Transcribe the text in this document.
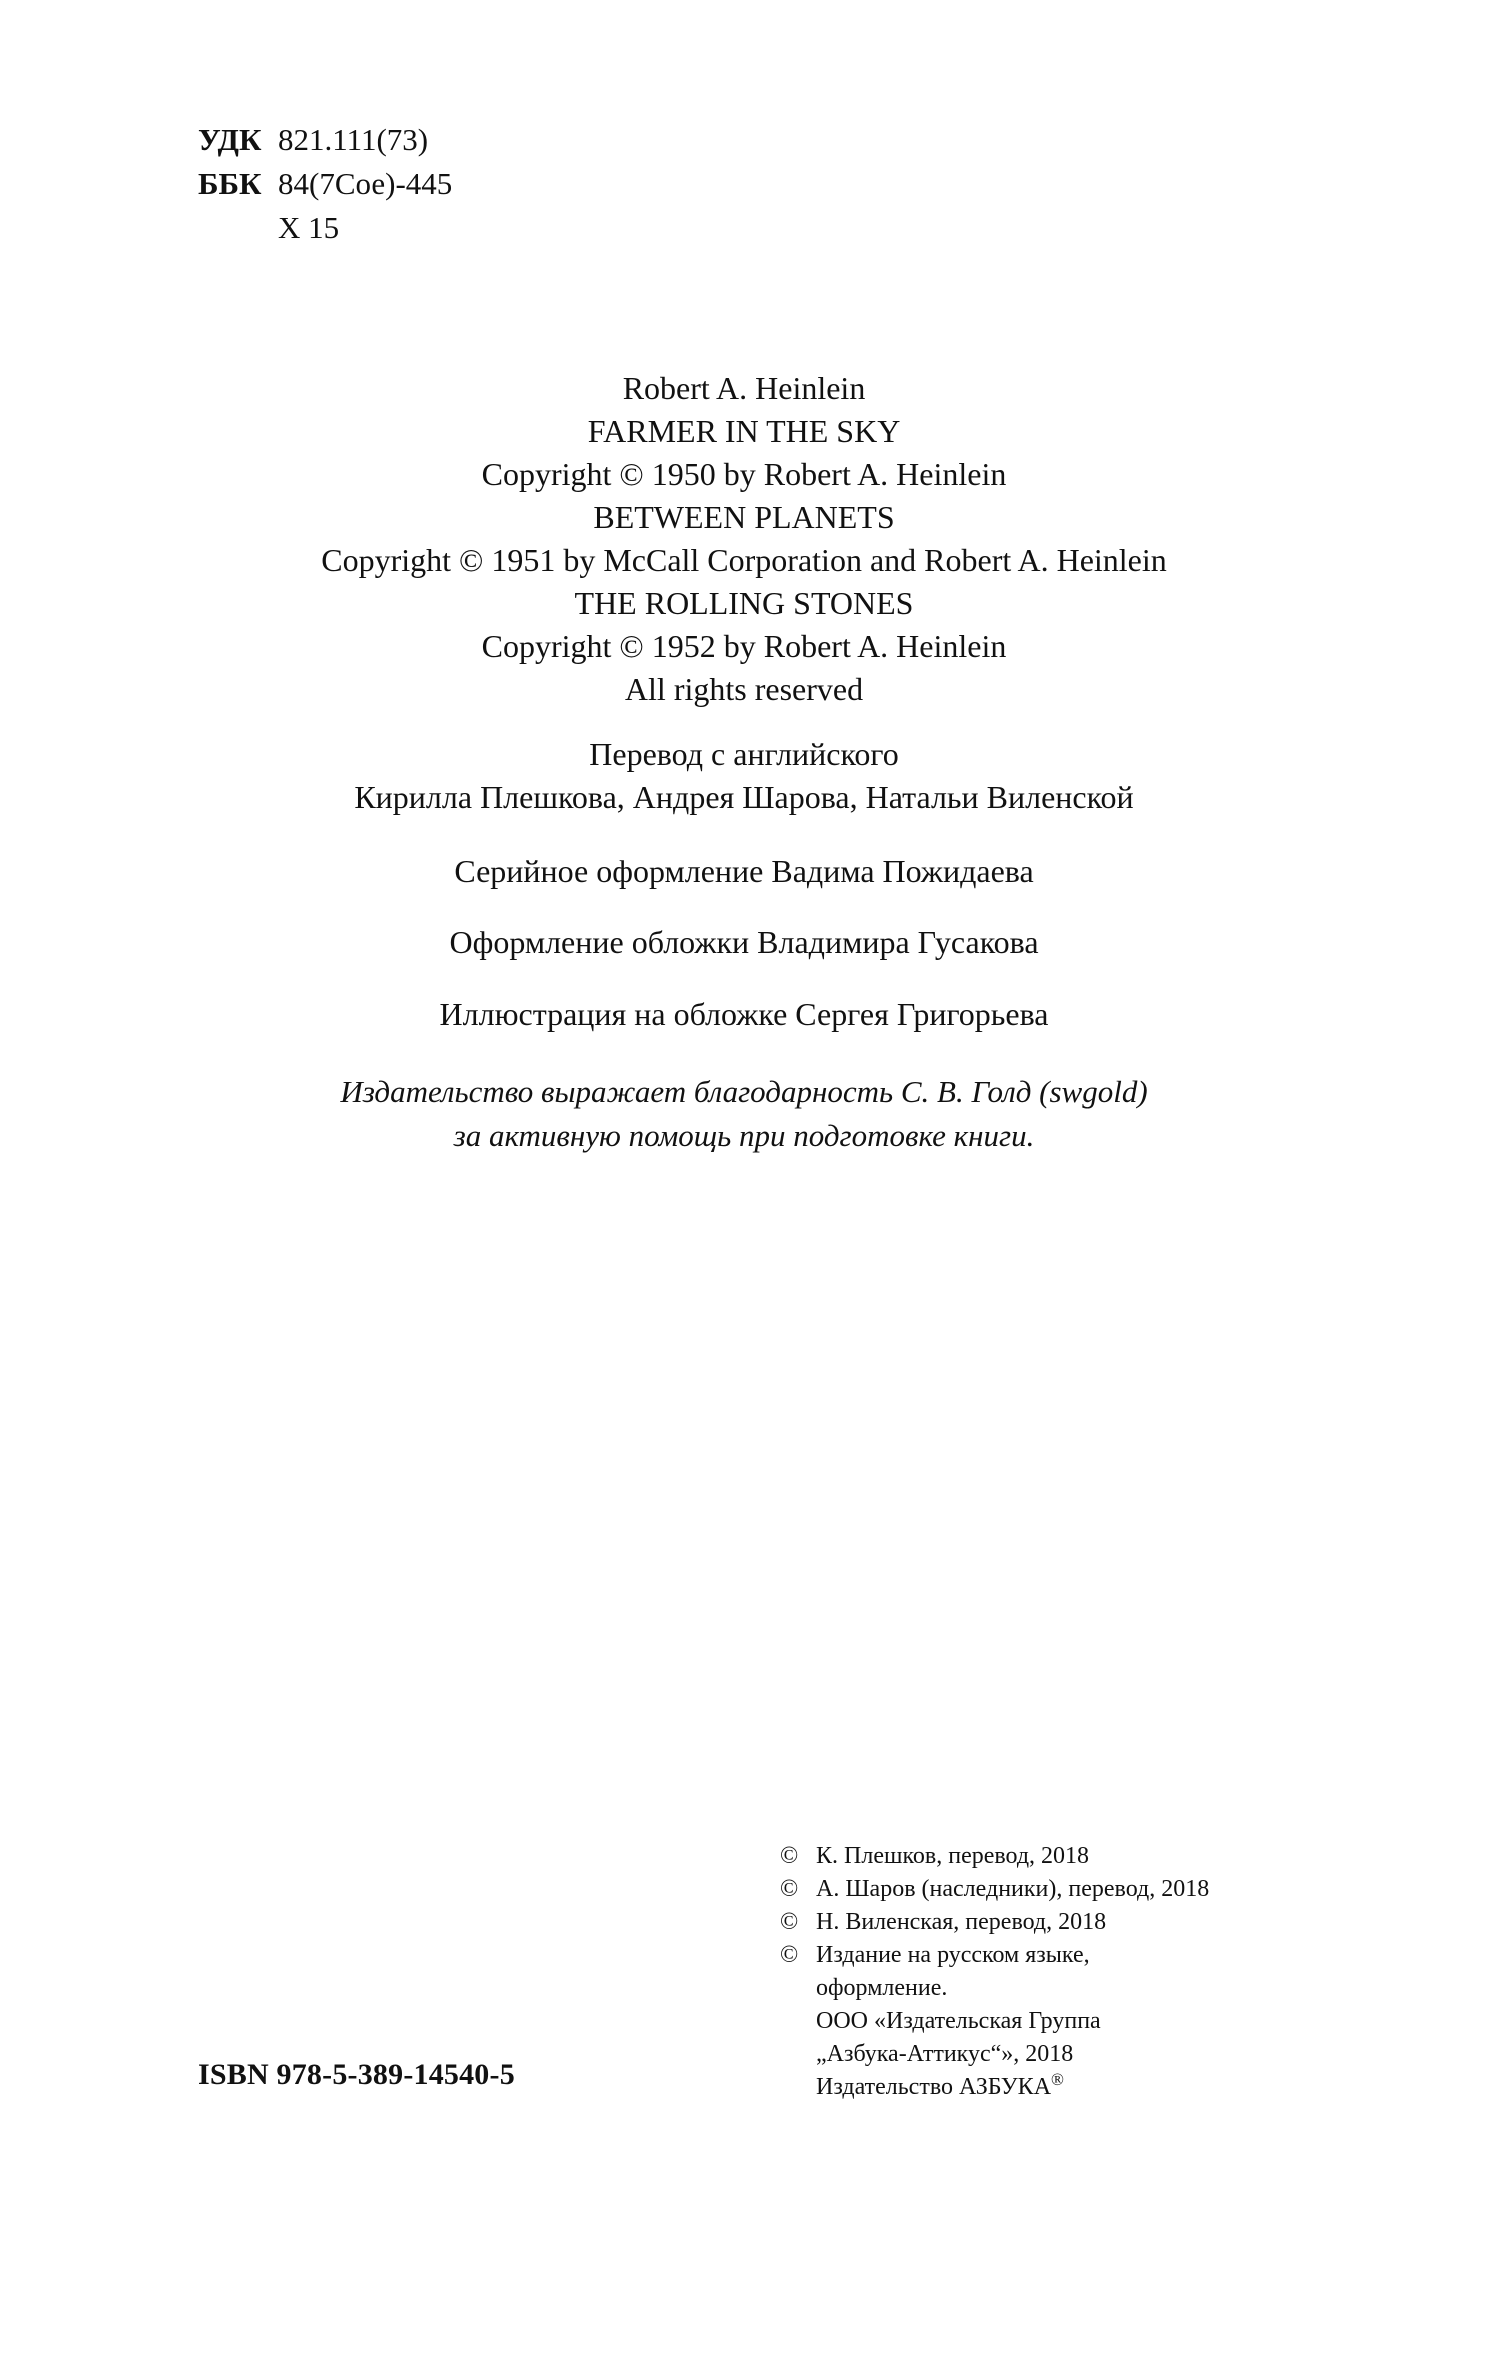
УДК 821.111(73)
ББК 84(7Сое)-445
Х 15
Robert A. Heinlein
FARMER IN THE SKY
Copyright © 1950 by Robert A. Heinlein
BETWEEN PLANETS
Copyright © 1951 by McCall Corporation and Robert A. Heinlein
THE ROLLING STONES
Copyright © 1952 by Robert A. Heinlein
All rights reserved
Перевод с английского
Кирилла Плешкова, Андрея Шарова, Натальи Виленской
Серийное оформление Вадима Пожидаева
Оформление обложки Владимира Гусакова
Иллюстрация на обложке Сергея Григорьева
Издательство выражает благодарность С. В. Голд (swgold)
за активную помощь при подготовке книги.
ISBN 978-5-389-14540-5
© К. Плешков, перевод, 2018
© А. Шаров (наследники), перевод, 2018
© Н. Виленская, перевод, 2018
© Издание на русском языке,
оформление.
ООО «Издательская Группа
„Азбука-Аттикус“», 2018
Издательство АЗБУКА®
